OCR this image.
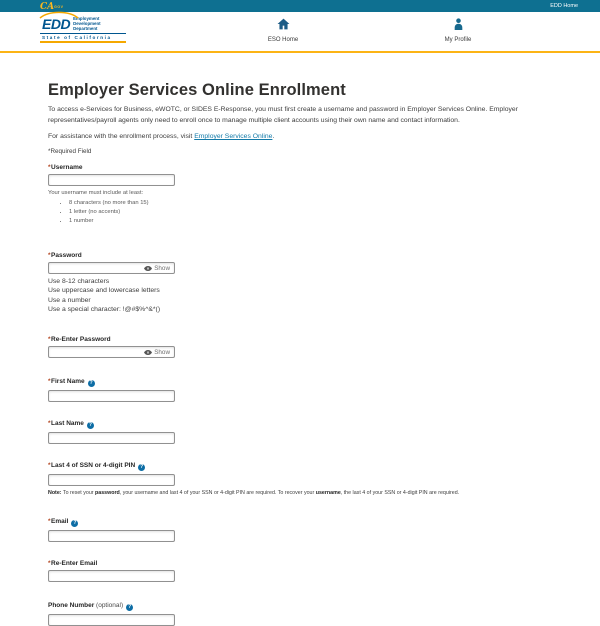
CAGOV	EDD Home
EDD Employment
Development
Department
State of California	ESO Home	My Profile
Employer Services Online Enrollment

To access e-Services for Business, eWOTC, or SIDES E-Response, you must first create a username and password in Employer Services Online. Employer representatives/payroll agents only need to enroll once to manage multiple client accounts using their own name and contact information.

For assistance with the enrollment process, visit Employer Services Online.

*Required Field
*Username
Your username must include at least:
• 8 characters (no more than 15)
• 1 letter (no accents)
• 1 number
*Password
Show
Use 8-12 characters
Use uppercase and lowercase letters
Use a number
Use a special character: !@#$%^&*()
*Re-Enter Password
Show
*First Name ?
*Last Name ?
*Last 4 of SSN or 4-digit PIN ?
Note: To reset your password, your username and last 4 of your SSN or 4-digit PIN are required. To recover your username, the last 4 of your SSN or 4-digit PIN are required.
*Email ?
*Re-Enter Email
Phone Number (optional) ?
